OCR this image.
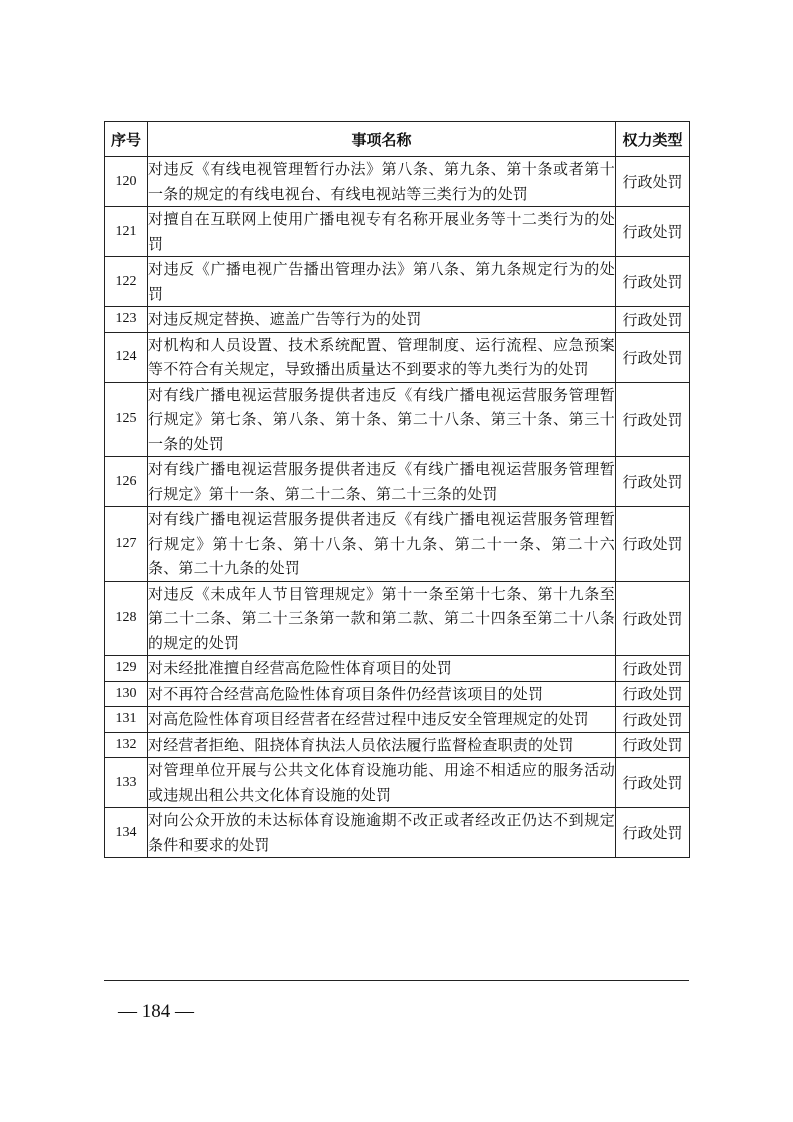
序号	事项名称	权力类型
120	对违反《有线电视管理暂行办法》第八条、第九条、第十条或者第十一条的规定的有线电视台、有线电视站等三类行为的处罚	行政处罚
121	对擅自在互联网上使用广播电视专有名称开展业务等十二类行为的处罚	行政处罚
122	对违反《广播电视广告播出管理办法》第八条、第九条规定行为的处罚	行政处罚
123	对违反规定替换、遮盖广告等行为的处罚	行政处罚
124	对机构和人员设置、技术系统配置、管理制度、运行流程、应急预案等不符合有关规定，导致播出质量达不到要求的等九类行为的处罚	行政处罚
125	对有线广播电视运营服务提供者违反《有线广播电视运营服务管理暂行规定》第七条、第八条、第十条、第二十八条、第三十条、第三十一条的处罚	行政处罚
126	对有线广播电视运营服务提供者违反《有线广播电视运营服务管理暂行规定》第十一条、第二十二条、第二十三条的处罚	行政处罚
127	对有线广播电视运营服务提供者违反《有线广播电视运营服务管理暂行规定》第十七条、第十八条、第十九条、第二十一条、第二十六条、第二十九条的处罚	行政处罚
128	对违反《未成年人节目管理规定》第十一条至第十七条、第十九条至第二十二条、第二十三条第一款和第二款、第二十四条至第二十八条的规定的处罚	行政处罚
129	对未经批准擅自经营高危险性体育项目的处罚	行政处罚
130	对不再符合经营高危险性体育项目条件仍经营该项目的处罚	行政处罚
131	对高危险性体育项目经营者在经营过程中违反安全管理规定的处罚	行政处罚
132	对经营者拒绝、阻挠体育执法人员依法履行监督检查职责的处罚	行政处罚
133	对管理单位开展与公共文化体育设施功能、用途不相适应的服务活动或违规出租公共文化体育设施的处罚	行政处罚
134	对向公众开放的未达标体育设施逾期不改正或者经改正仍达不到规定条件和要求的处罚	行政处罚
— 184 —
